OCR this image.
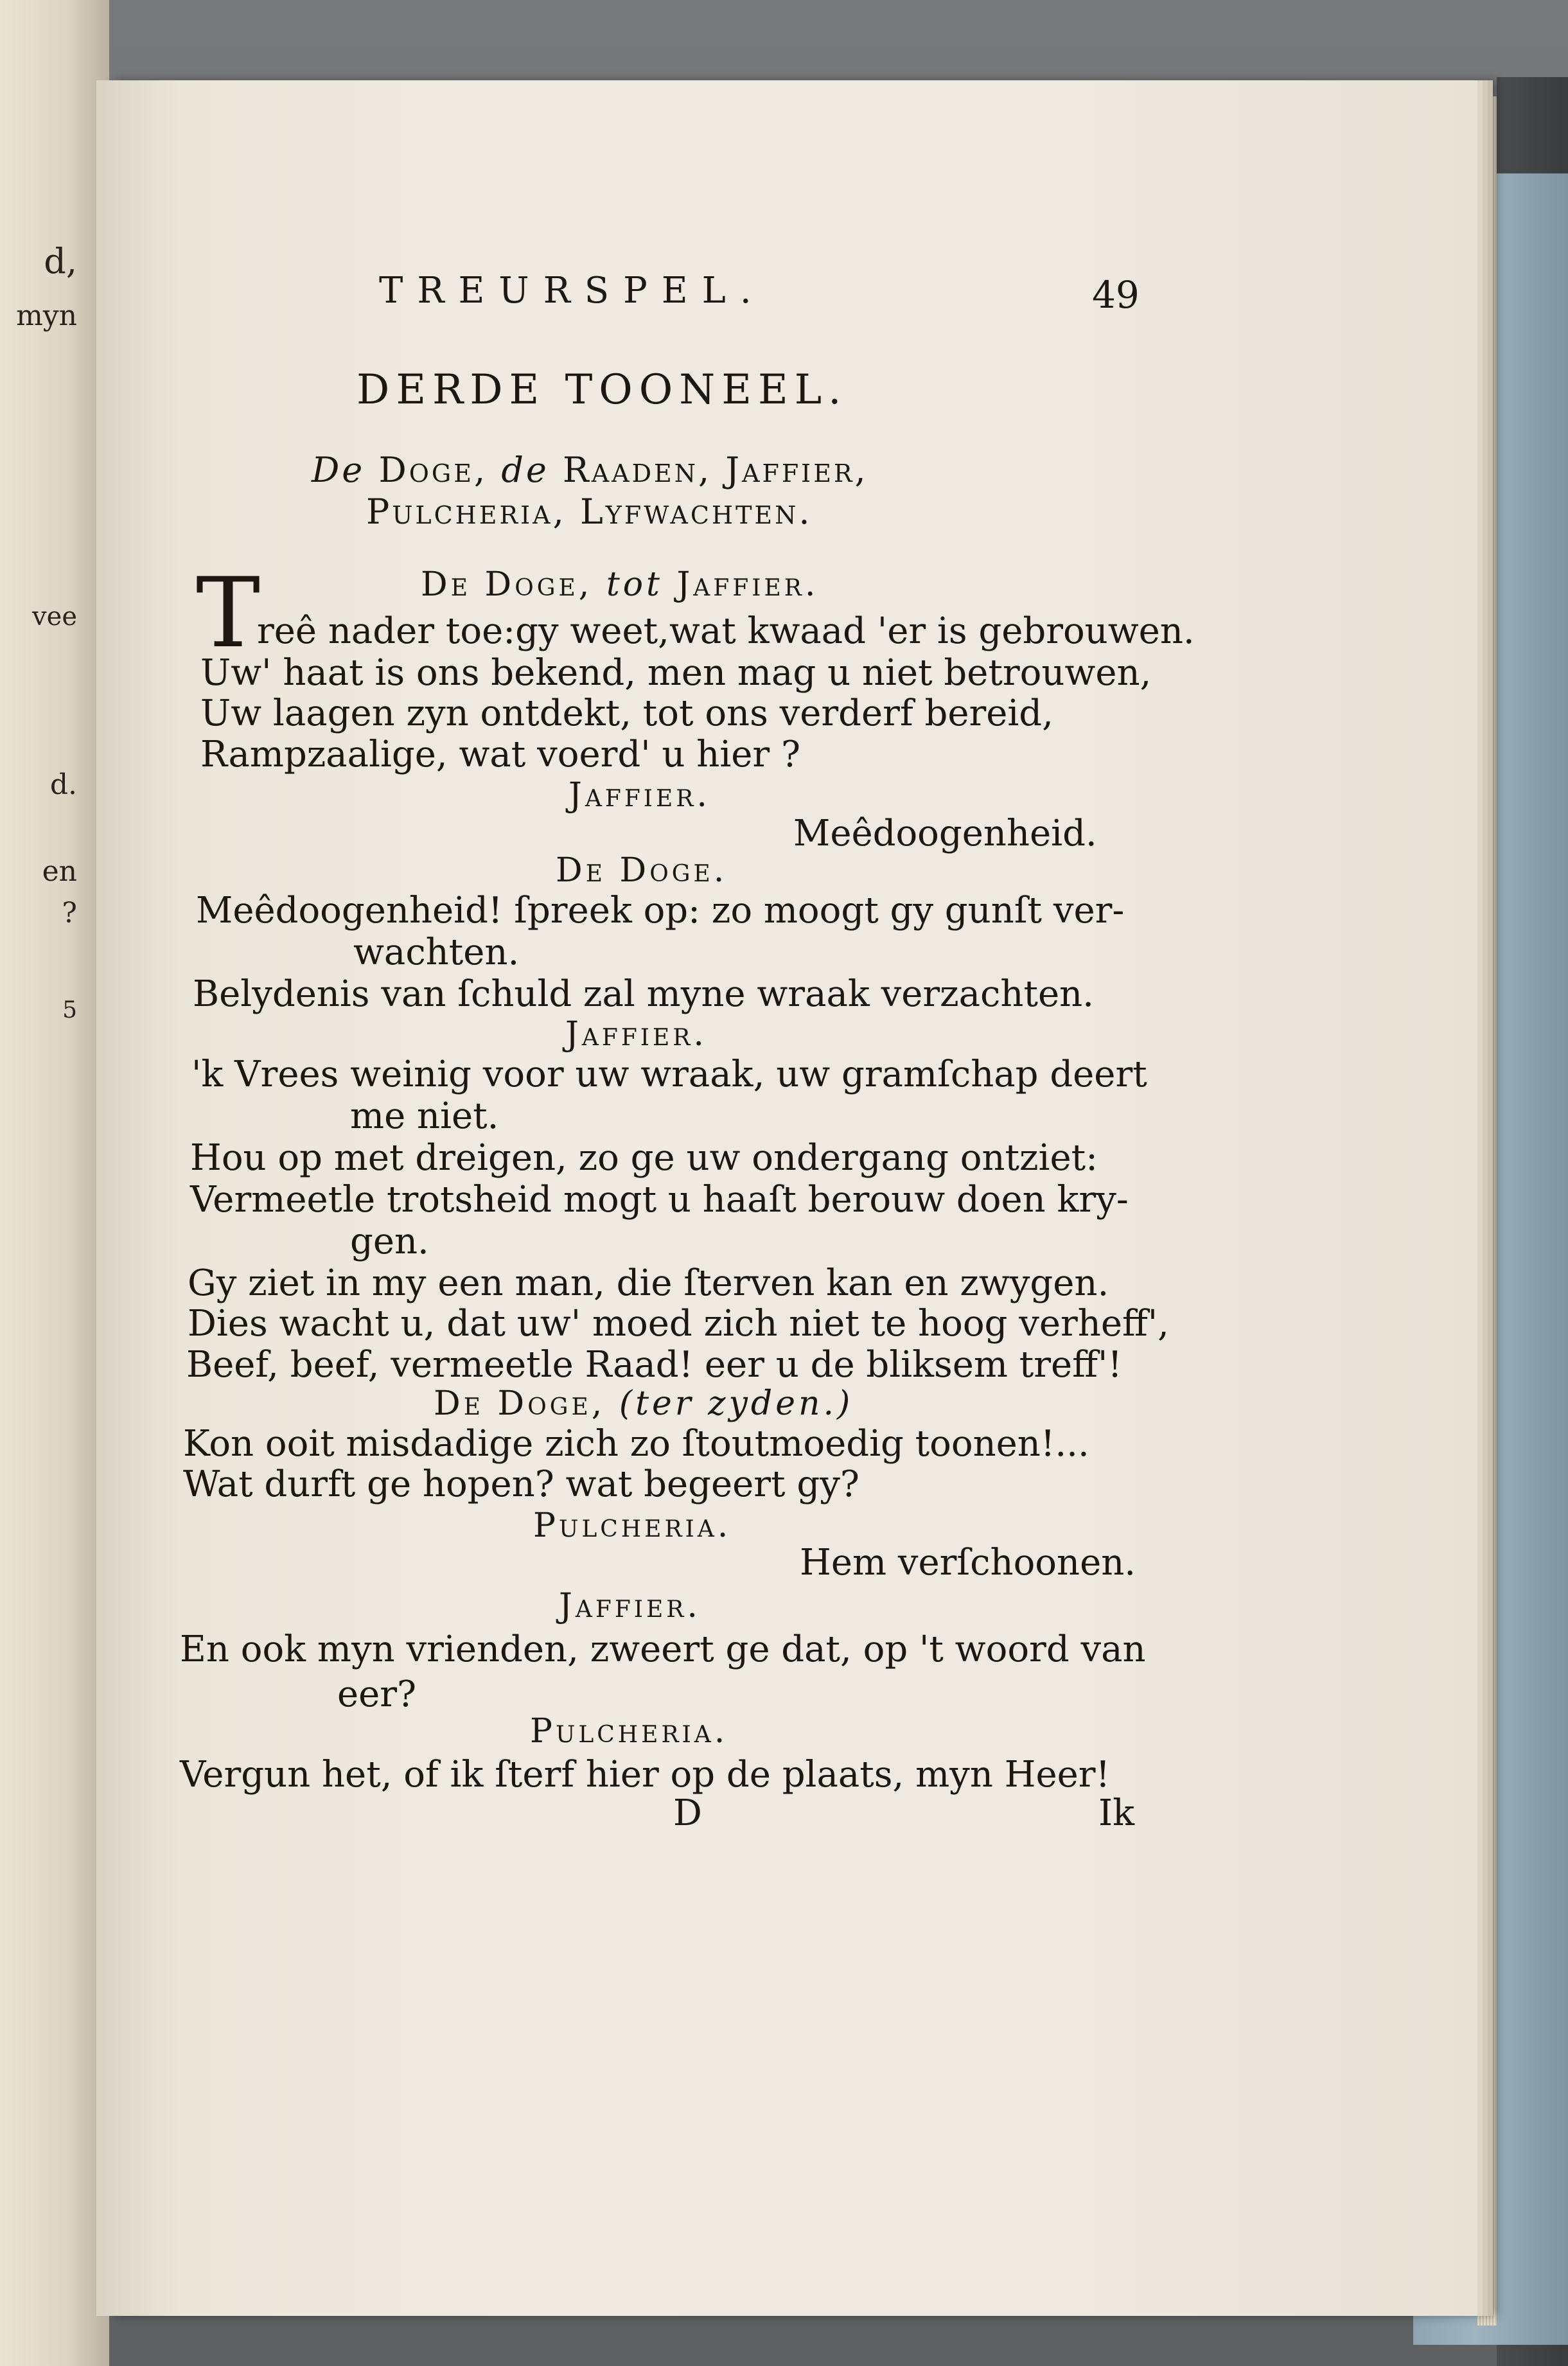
d,
myn
vee
d.
en
?
5
TREURSPEL.	49
DERDE TOONEEL.
De Doge, de Raaden, Jaffier,
Pulcheria, Lyfwachten.
De Doge, tot Jaffier.
T
reê nader toe:gy weet,wat kwaad 'er is gebrouwen.
Uw' haat is ons bekend, men mag u niet betrouwen,
Uw laagen zyn ontdekt, tot ons verderf bereid,
Rampzaalige, wat voerd' u hier ?
Jaffier.
Meêdoogenheid.
De Doge.
Meêdoogenheid! ſpreek op: zo moogt gy gunſt ver-
wachten.
Belydenis van ſchuld zal myne wraak verzachten.
Jaffier.
'k Vrees weinig voor uw wraak, uw gramſchap deert
me niet.
Hou op met dreigen, zo ge uw ondergang ontziet:
Vermeetle trotsheid mogt u haaſt berouw doen kry-
gen.
Gy ziet in my een man, die ſterven kan en zwygen.
Dies wacht u, dat uw' moed zich niet te hoog verheff',
Beef, beef, vermeetle Raad! eer u de bliksem treff'!
De Doge, (ter zyden.)
Kon ooit misdadige zich zo ſtoutmoedig toonen!...
Wat durft ge hopen? wat begeert gy?
Pulcheria.
Hem verſchoonen.
Jaffier.
En ook myn vrienden, zweert ge dat, op 't woord van
eer?
Pulcheria.
Vergun het, of ik ſterf hier op de plaats, myn Heer!
D	Ik
